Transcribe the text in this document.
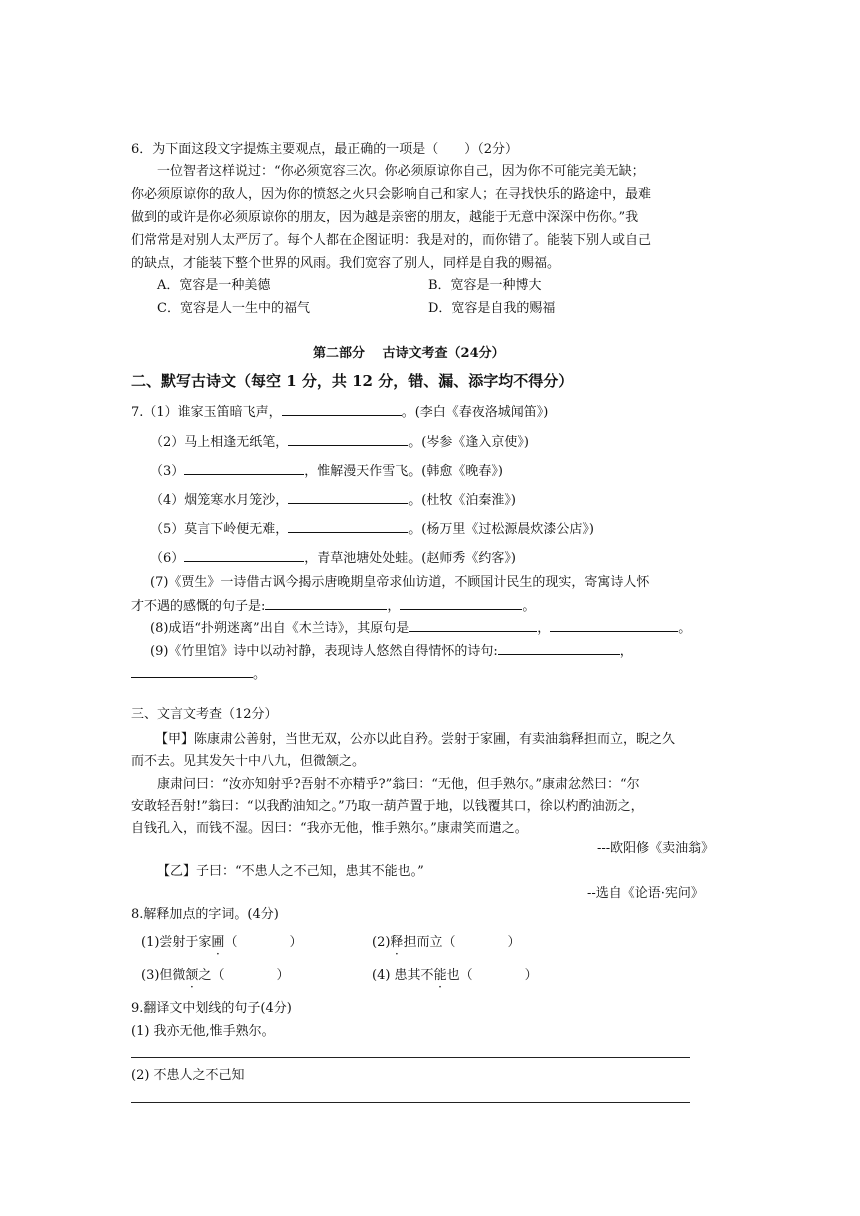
6．为下面这段文字提炼主要观点，最正确的一项是（　　）（2分）
一位智者这样说过：“你必须宽容三次。你必须原谅你自己，因为你不可能完美无缺；
你必须原谅你的敌人，因为你的愤怒之火只会影响自己和家人；在寻找快乐的路途中，最难
做到的或许是你必须原谅你的朋友，因为越是亲密的朋友，越能于无意中深深中伤你。”我
们常常是对别人太严厉了。每个人都在企图证明：我是对的，而你错了。能装下别人或自己
的缺点，才能装下整个世界的风雨。我们宽容了别人，同样是自我的赐福。
A．宽容是一种美德	B．宽容是一种博大
C．宽容是人一生中的福气	D．宽容是自我的赐福
第二部分　 古诗文考查（24分）
二、默写古诗文（每空 1 分，共 12 分，错、漏、添字均不得分）
7.（1）谁家玉笛暗飞声，	。(李白《春夜洛城闻笛》)
（2）马上相逢无纸笔，	。(岑参《逢入京使》)
（3）	，惟解漫天作雪飞。(韩愈《晚春》)
（4）烟笼寒水月笼沙，	。(杜牧《泊秦淮》)
（5）莫言下岭便无难，	。(杨万里《过松源晨炊漆公店》)
（6）	，青草池塘处处蛙。(赵师秀《约客》)
(7)《贾生》一诗借古讽今揭示唐晚期皇帝求仙访道，不顾国计民生的现实，寄寓诗人怀
才不遇的感慨的句子是:	，	。
(8)成语“扑朔迷离”出自《木兰诗》，其原句是	，	。
(9)《竹里馆》诗中以动衬静，表现诗人悠然自得情怀的诗句:	，
。
三、文言文考查（12分）
【甲】陈康肃公善射，当世无双，公亦以此自矜。尝射于家圃，有卖油翁释担而立，睨之久
而不去。见其发矢十中八九，但微颔之。
康肃问曰：“汝亦知射乎?吾射不亦精乎?”翁曰：“无他，但手熟尔。”康肃忿然曰：“尔
安敢轻吾射!”翁曰：“以我酌油知之。”乃取一葫芦置于地，以钱覆其口，徐以杓酌油沥之，
自钱孔入，而钱不湿。因曰：“我亦无他，惟手熟尔。”康肃笑而遣之。
---欧阳修《卖油翁》
【乙】子曰：“不患人之不己知，患其不能也。”
--选自《论语·宪问》
8.解释加点的字词。(4分)
(1)尝射于家圃（　　　　）	(2)释担而立（　　　　）
(3)但微颔之（　　　　）	(4) 患其不能也（　　　　）
9.翻译文中划线的句子(4分)
(1) 我亦无他,惟手熟尔。
(2) 不患人之不己知
